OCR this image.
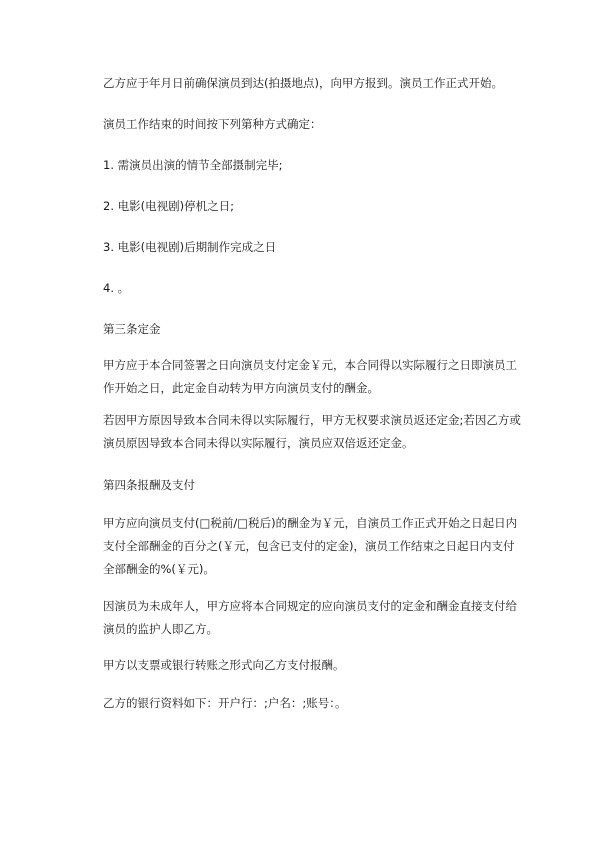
乙方应于年月日前确保演员到达(拍摄地点)，向甲方报到。演员工作正式开始。

演员工作结束的时间按下列第种方式确定：

1. 需演员出演的情节全部摄制完毕;

2. 电影(电视剧)停机之日;

3. 电影(电视剧)后期制作完成之日

4. 。

第三条定金

甲方应于本合同签署之日向演员支付定金￥元，本合同得以实际履行之日即演员工作开始之日，此定金自动转为甲方向演员支付的酬金。

若因甲方原因导致本合同未得以实际履行，甲方无权要求演员返还定金;若因乙方或演员原因导致本合同未得以实际履行，演员应双倍返还定金。

第四条报酬及支付

甲方应向演员支付(□税前/□税后)的酬金为￥元，自演员工作正式开始之日起日内支付全部酬金的百分之(￥元，包含已支付的定金)，演员工作结束之日起日内支付全部酬金的%(￥元)。

因演员为未成年人，甲方应将本合同规定的应向演员支付的定金和酬金直接支付给演员的监护人即乙方。

甲方以支票或银行转账之形式向乙方支付报酬。

乙方的银行资料如下：开户行：;户名：;账号：。
